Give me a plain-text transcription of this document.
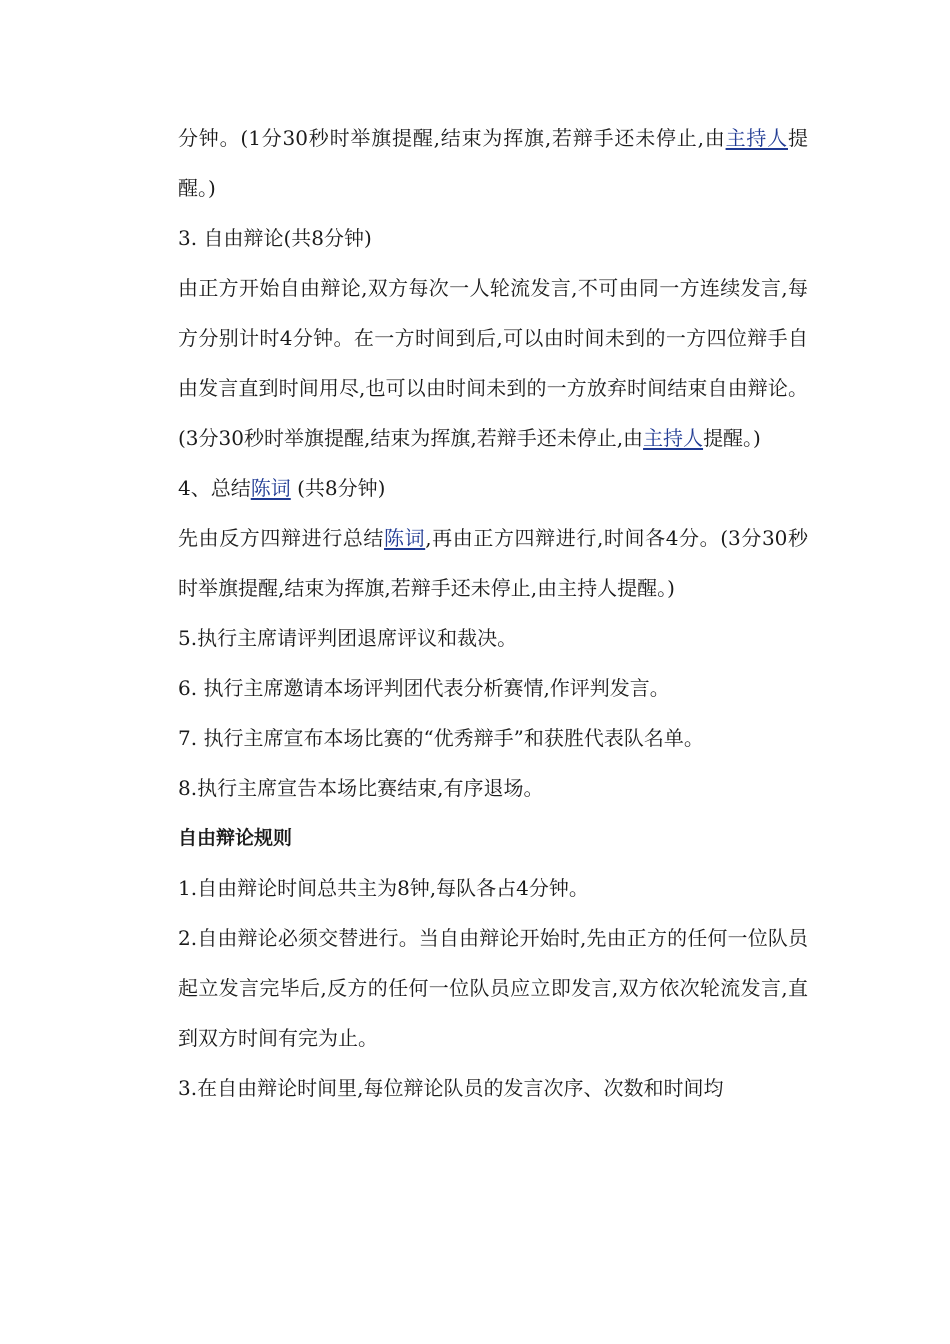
分钟。(1分30秒时举旗提醒,结束为挥旗,若辩手还未停止,由主持人提醒。)

3. 自由辩论(共8分钟)

由正方开始自由辩论,双方每次一人轮流发言,不可由同一方连续发言,每方分别计时4分钟。在一方时间到后,可以由时间未到的一方四位辩手自由发言直到时间用尽,也可以由时间未到的一方放弃时间结束自由辩论。(3分30秒时举旗提醒,结束为挥旗,若辩手还未停止,由主持人提醒。)

4、总结陈词 (共8分钟)

先由反方四辩进行总结陈词,再由正方四辩进行,时间各4分。(3分30秒时举旗提醒,结束为挥旗,若辩手还未停止,由主持人提醒。)

5.执行主席请评判团退席评议和裁决。

6. 执行主席邀请本场评判团代表分析赛情,作评判发言。

7. 执行主席宣布本场比赛的“优秀辩手”和获胜代表队名单。

8.执行主席宣告本场比赛结束,有序退场。

自由辩论规则

1.自由辩论时间总共主为8钟,每队各占4分钟。

2.自由辩论必须交替进行。当自由辩论开始时,先由正方的任何一位队员起立发言完毕后,反方的任何一位队员应立即发言,双方依次轮流发言,直到双方时间有完为止。

3.在自由辩论时间里,每位辩论队员的发言次序、次数和时间均
